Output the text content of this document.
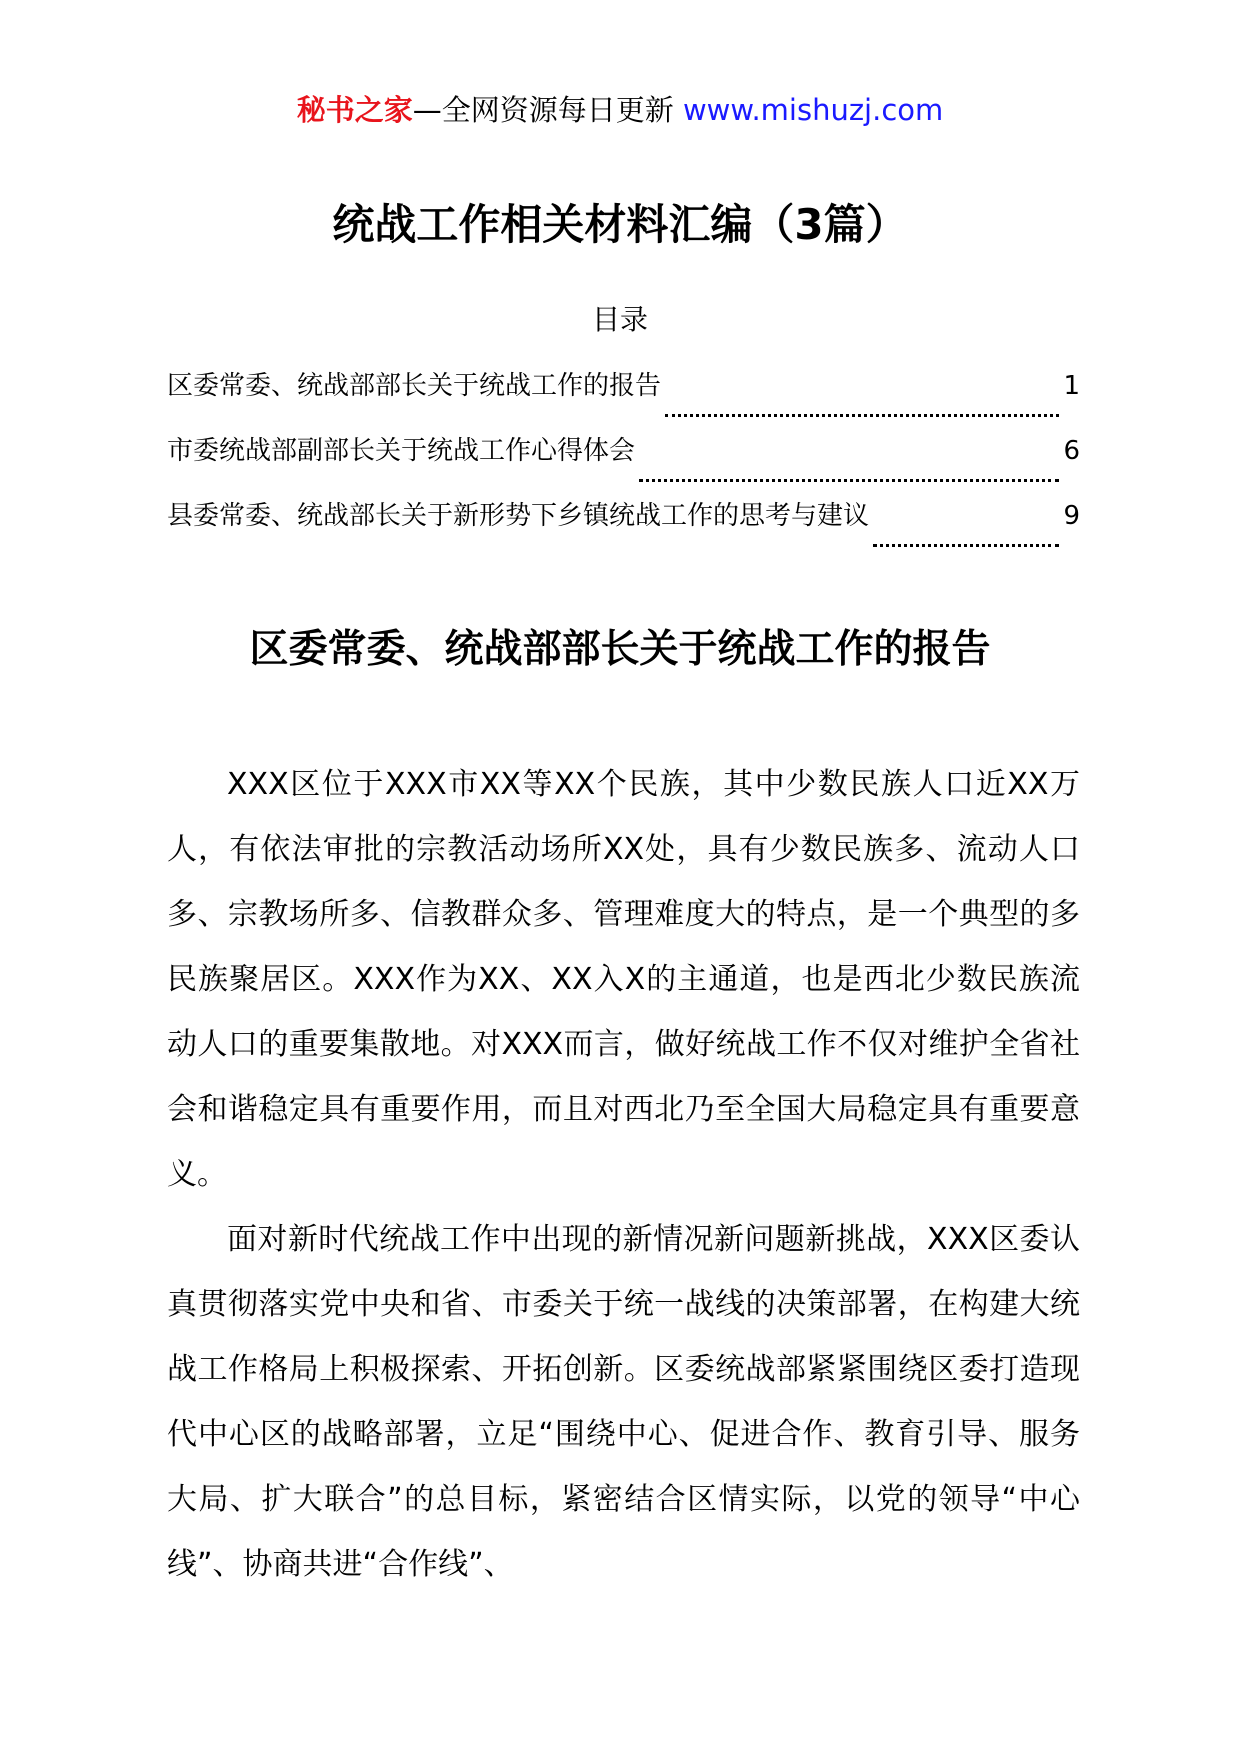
秘书之家—全网资源每日更新 www.mishuzj.com
统战工作相关材料汇编（3篇）
目录
区委常委、统战部部长关于统战工作的报告	1
市委统战部副部长关于统战工作心得体会	6
县委常委、统战部长关于新形势下乡镇统战工作的思考与建议	9
区委常委、统战部部长关于统战工作的报告

XXX区位于XXX市XX等XX个民族，其中少数民族人口近XX万人，有依法审批的宗教活动场所XX处，具有少数民族多、流动人口多、宗教场所多、信教群众多、管理难度大的特点，是一个典型的多民族聚居区。XXX作为XX、XX入X的主通道，也是西北少数民族流动人口的重要集散地。对XXX而言，做好统战工作不仅对维护全省社会和谐稳定具有重要作用，而且对西北乃至全国大局稳定具有重要意义。

面对新时代统战工作中出现的新情况新问题新挑战，XXX区委认真贯彻落实党中央和省、市委关于统一战线的决策部署，在构建大统战工作格局上积极探索、开拓创新。区委统战部紧紧围绕区委打造现代中心区的战略部署，立足“围绕中心、促进合作、教育引导、服务大局、扩大联合”的总目标，紧密结合区情实际，以党的领导“中心线”、协商共进“合作线”、
